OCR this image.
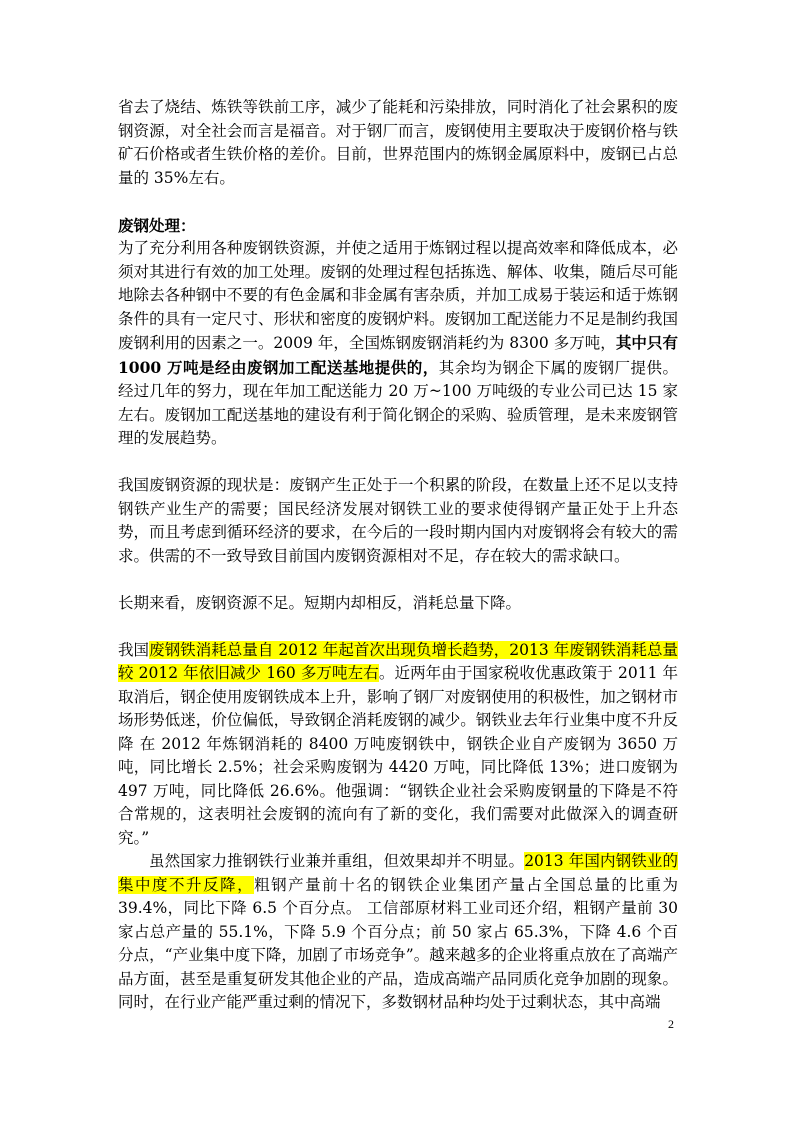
省去了烧结、炼铁等铁前工序，减少了能耗和污染排放，同时消化了社会累积的废钢资源，对全社会而言是福音。对于钢厂而言，废钢使用主要取决于废钢价格与铁矿石价格或者生铁价格的差价。目前，世界范围内的炼钢金属原料中，废钢已占总量的 35%左右。

废钢处理：

为了充分利用各种废钢铁资源，并使之适用于炼钢过程以提高效率和降低成本，必须对其进行有效的加工处理。废钢的处理过程包括拣选、解体、收集，随后尽可能地除去各种钢中不要的有色金属和非金属有害杂质，并加工成易于装运和适于炼钢条件的具有一定尺寸、形状和密度的废钢炉料。废钢加工配送能力不足是制约我国废钢利用的因素之一。2009 年，全国炼钢废钢消耗约为 8300 多万吨，其中只有 1000 万吨是经由废钢加工配送基地提供的，其余均为钢企下属的废钢厂提供。经过几年的努力，现在年加工配送能力 20 万~100 万吨级的专业公司已达 15 家左右。废钢加工配送基地的建设有利于简化钢企的采购、验质管理，是未来废钢管理的发展趋势。

我国废钢资源的现状是：废钢产生正处于一个积累的阶段，在数量上还不足以支持钢铁产业生产的需要；国民经济发展对钢铁工业的要求使得钢产量正处于上升态势，而且考虑到循环经济的要求，在今后的一段时期内国内对废钢将会有较大的需求。供需的不一致导致目前国内废钢资源相对不足，存在较大的需求缺口。

长期来看，废钢资源不足。短期内却相反，消耗总量下降。

我国废钢铁消耗总量自 2012 年起首次出现负增长趋势，2013 年废钢铁消耗总量较 2012 年依旧减少 160 多万吨左右。近两年由于国家税收优惠政策于 2011 年取消后，钢企使用废钢铁成本上升，影响了钢厂对废钢使用的积极性，加之钢材市场形势低迷，价位偏低，导致钢企消耗废钢的减少。钢铁业去年行业集中度不升反降 在 2012 年炼钢消耗的 8400 万吨废钢铁中，钢铁企业自产废钢为 3650 万吨，同比增长 2.5%；社会采购废钢为 4420 万吨，同比降低 13%；进口废钢为 497 万吨，同比降低 26.6%。他强调：“钢铁企业社会采购废钢量的下降是不符合常规的，这表明社会废钢的流向有了新的变化，我们需要对此做深入的调查研究。”

虽然国家力推钢铁行业兼并重组，但效果却并不明显。2013 年国内钢铁业的集中度不升反降，粗钢产量前十名的钢铁企业集团产量占全国总量的比重为 39.4%，同比下降 6.5 个百分点。 工信部原材料工业司还介绍，粗钢产量前 30 家占总产量的 55.1%，下降 5.9 个百分点；前 50 家占 65.3%，下降 4.6 个百分点，“产业集中度下降，加剧了市场竞争”。越来越多的企业将重点放在了高端产品方面，甚至是重复研发其他企业的产品，造成高端产品同质化竞争加剧的现象。同时，在行业产能严重过剩的情况下，多数钢材品种均处于过剩状态，其中高端

2
